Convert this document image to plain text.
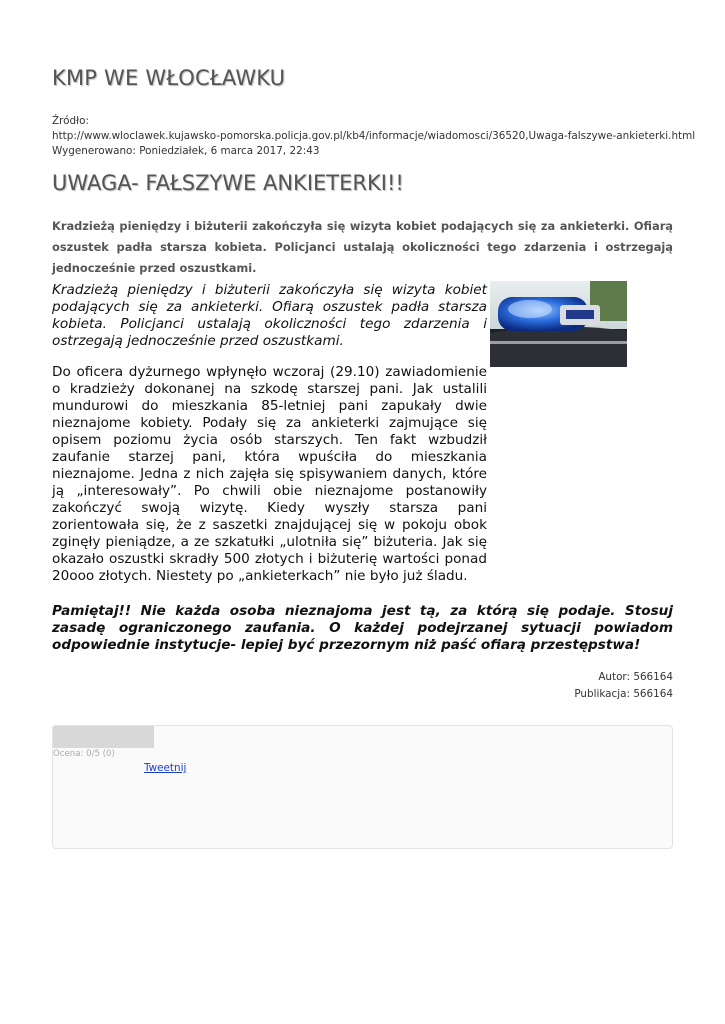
KMP WE WŁOCŁAWKU
Źródło:
http://www.wloclawek.kujawsko-pomorska.policja.gov.pl/kb4/informacje/wiadomosci/36520,Uwaga-falszywe-ankieterki.html
Wygenerowano: Poniedziałek, 6 marca 2017, 22:43
UWAGA- FAŁSZYWE ANKIETERKI!!

Kradzieżą pieniędzy i biżuterii zakończyła się wizyta kobiet podających się za ankieterki. Ofiarą oszustek padła starsza kobieta. Policjanci ustalają okoliczności tego zdarzenia i ostrzegają jednocześnie przed oszustkami.

Kradzieżą pieniędzy i biżuterii zakończyła się wizyta kobiet podających się za ankieterki. Ofiarą oszustek padła starsza kobieta. Policjanci ustalają okoliczności tego zdarzenia i ostrzegają jednocześnie przed oszustkami.

Do oficera dyżurnego wpłynęło wczoraj (29.10) zawiadomienie o kradzieży dokonanej na szkodę starszej pani. Jak ustalili mundurowi do mieszkania 85-letniej pani zapukały dwie nieznajome kobiety. Podały się za ankieterki zajmujące się opisem poziomu życia osób starszych. Ten fakt wzbudził zaufanie starzej pani, która wpuściła do mieszkania nieznajome. Jedna z nich zajęła się spisywaniem danych, które ją „interesowały”. Po chwili obie nieznajome postanowiły zakończyć swoją wizytę. Kiedy wyszły starsza pani zorientowała się, że z saszetki znajdującej się w pokoju obok zginęły pieniądze, a ze szkatułki „ulotniła się” biżuteria. Jak się okazało oszustki skradły 500 złotych i biżuterię wartości ponad 20ooo złotych. Niestety po „ankieterkach” nie było już śladu.

Pamiętaj!! Nie każda osoba nieznajoma jest tą, za którą się podaje. Stosuj zasadę ograniczonego zaufania. O każdej podejrzanej sytuacji powiadom odpowiednie instytucje- lepiej być przezornym niż paść ofiarą przestępstwa!

Autor: 566164
Publikacja: 566164
Ocena: 0/5 (0)
Tweetnij
